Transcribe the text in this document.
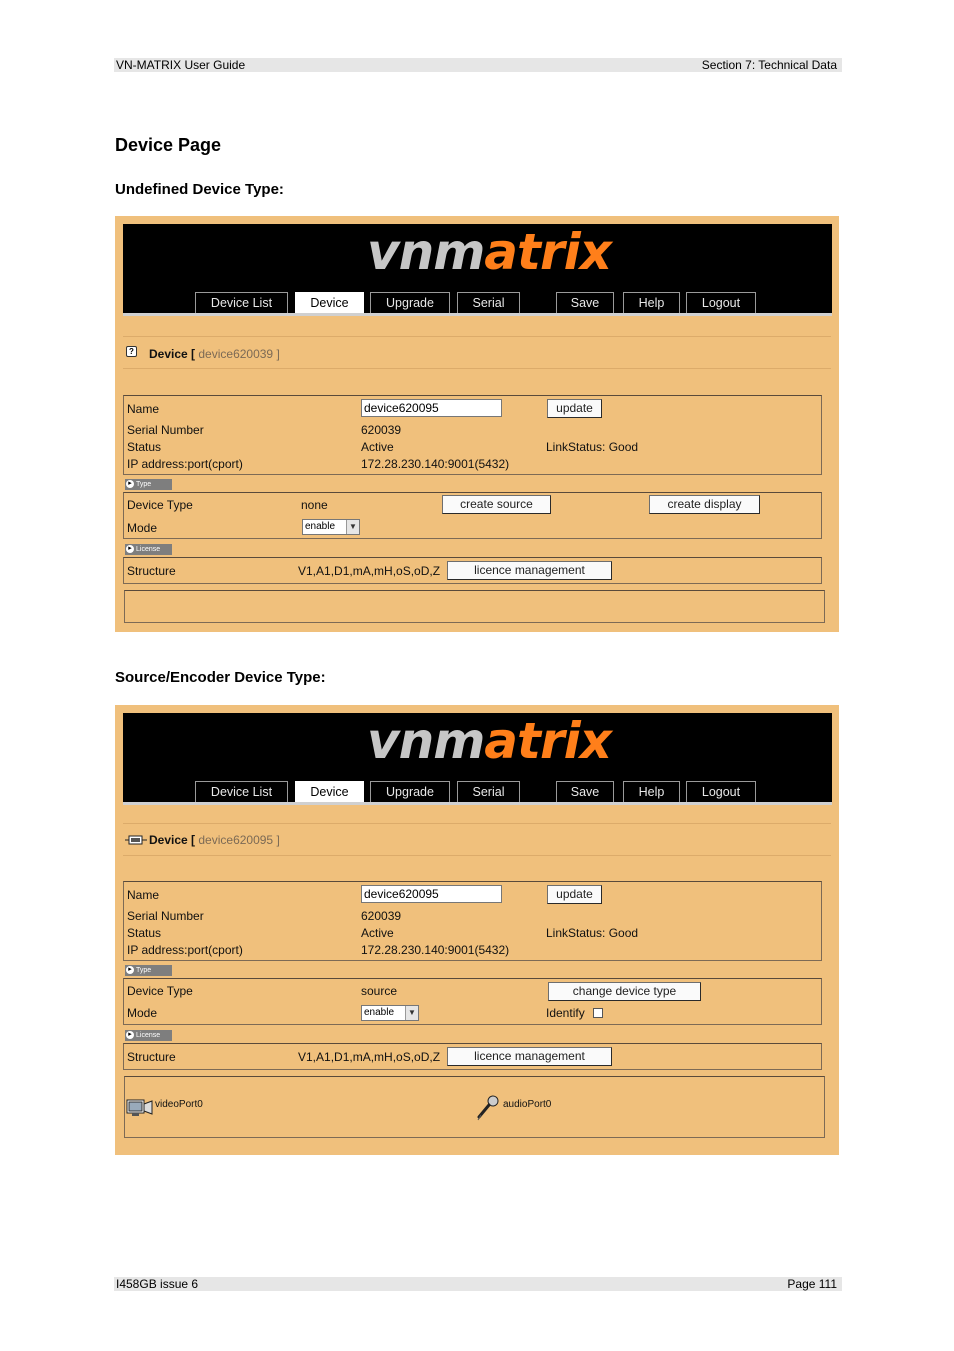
VN-MATRIX User Guide	Section 7: Technical Data
Device Page
Undefined Device Type:
vnmatrix
Device List	Device	Upgrade	Serial	Save	Help	Logout
? Device [ device620039 ]
Name	device620095	update
Serial Number	620039
Status	Active	LinkStatus: Good
IP address:port(cport)	172.28.230.140:9001(5432)
▸ Type
Device Type	none	create source	create display
Mode	enable	▼
▸ License
Structure	V1,A1,D1,mA,mH,oS,oD,Z	licence management
Source/Encoder Device Type:
vnmatrix
Device List	Device	Upgrade	Serial	Save	Help	Logout
Device [ device620095 ]
Name	device620095	update
Serial Number	620039
Status	Active	LinkStatus: Good
IP address:port(cport)	172.28.230.140:9001(5432)
▸ Type
Device Type	source	change device type
Mode	enable	▼	Identify
▸ License
Structure	V1,A1,D1,mA,mH,oS,oD,Z	licence management
videoPort0	audioPort0
I458GB issue 6	Page 111
